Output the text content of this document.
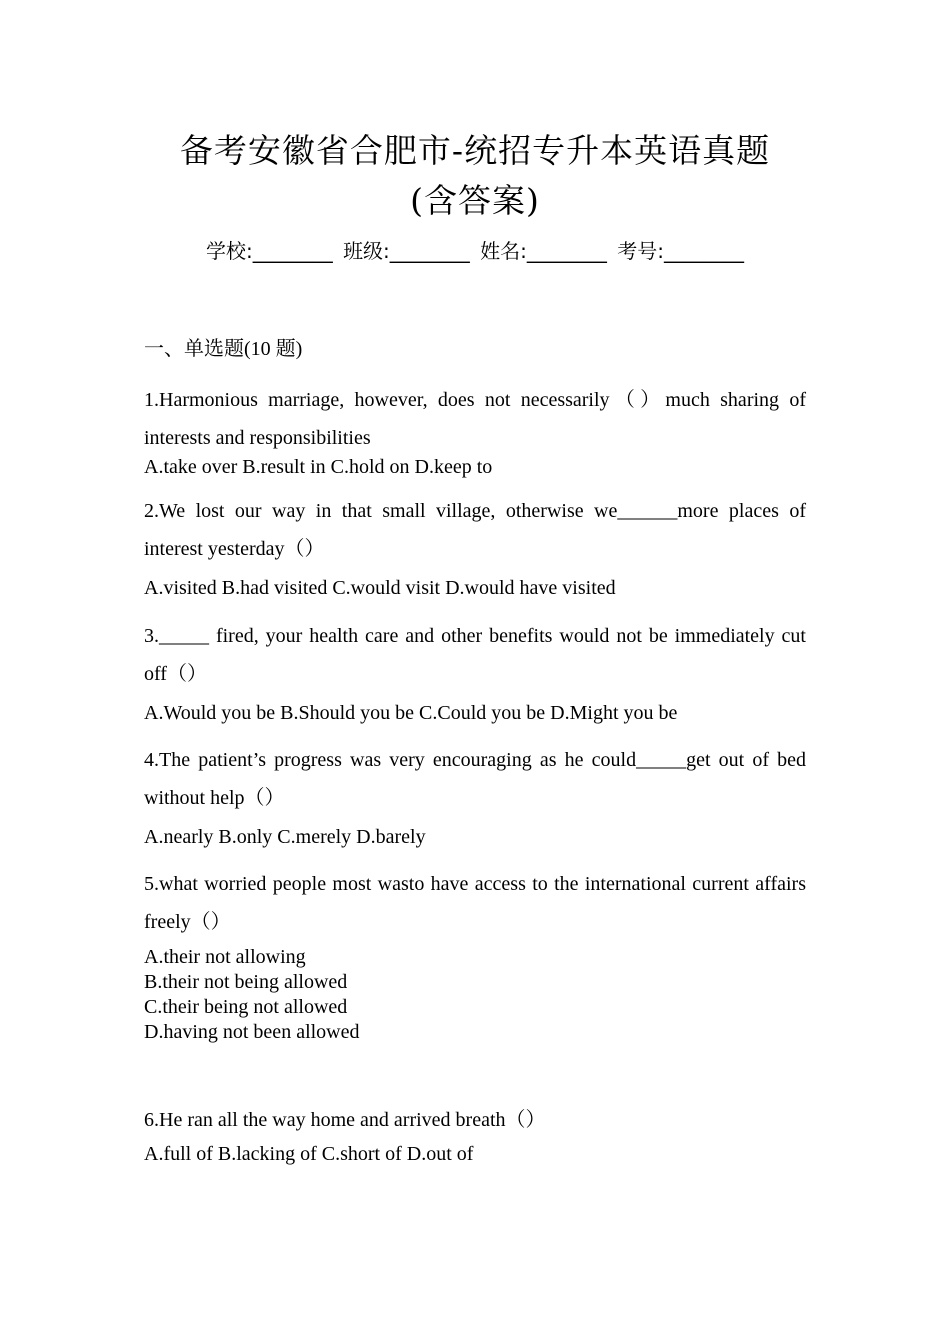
备考安徽省合肥市-统招专升本英语真题
(含答案)
学校:________ 班级:________ 姓名:________ 考号:________
一、单选题(10 题)
1.Harmonious marriage, however, does not necessarily（）much sharing of interests and responsibilities
A.take over B.result in C.hold on D.keep to
2.We lost our way in that small village, otherwise we______more places of interest yesterday（）
A.visited B.had visited C.would visit D.would have visited
3._____ fired, your health care and other benefits would not be immediately cut off（）
A.Would you be B.Should you be C.Could you be D.Might you be
4.The patient’s progress was very encouraging as he could_____get out of bed without help（）
A.nearly B.only C.merely D.barely
5.what worried people most wasto have access to the international current affairs freely（）
A.their not allowing
B.their not being allowed
C.their being not allowed
D.having not been allowed
6.He ran all the way home and arrived breath（）
A.full of B.lacking of C.short of D.out of
